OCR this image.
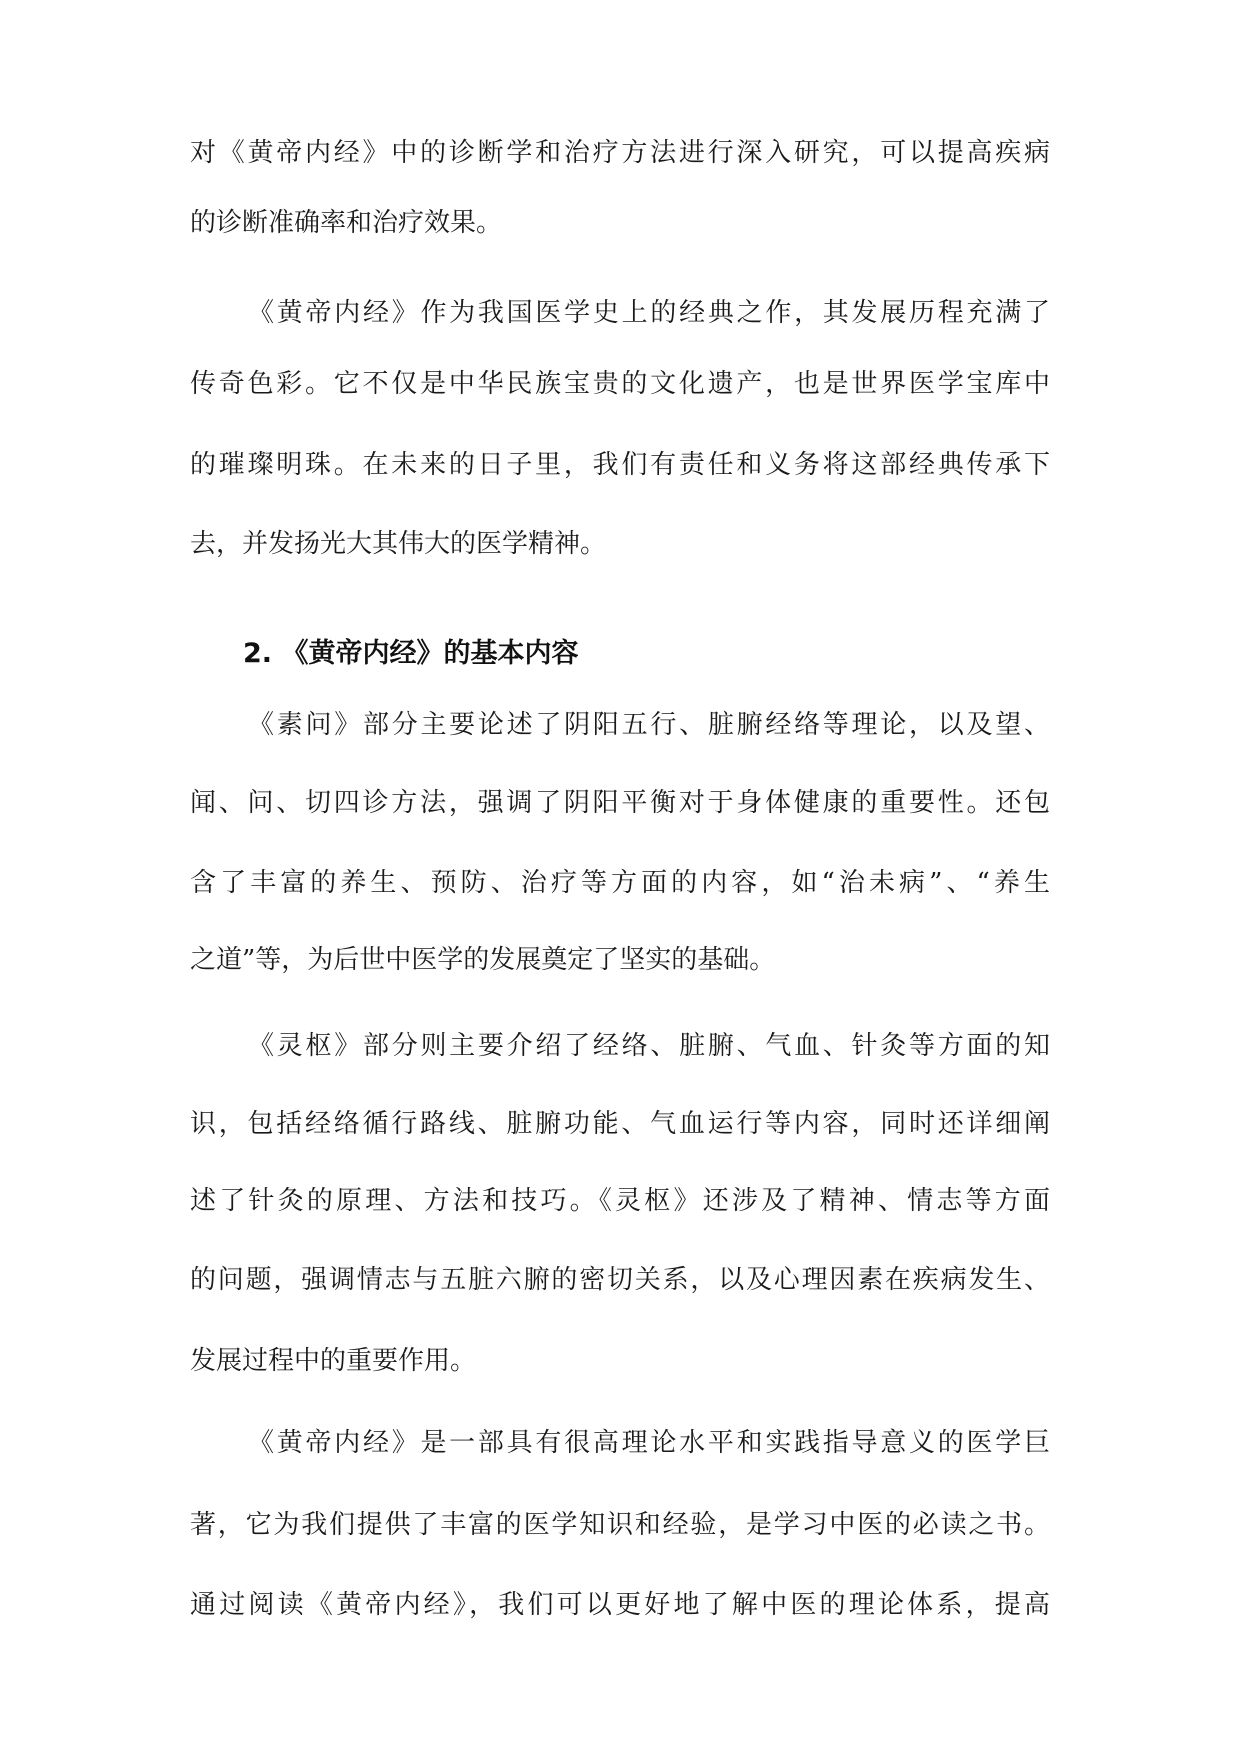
对《黄帝内经》中的诊断学和治疗方法进行深入研究，可以提高疾病
的诊断准确率和治疗效果。
《黄帝内经》作为我国医学史上的经典之作，其发展历程充满了
传奇色彩。它不仅是中华民族宝贵的文化遗产，也是世界医学宝库中
的璀璨明珠。在未来的日子里，我们有责任和义务将这部经典传承下
去，并发扬光大其伟大的医学精神。
2. 《黄帝内经》的基本内容
《素问》部分主要论述了阴阳五行、脏腑经络等理论，以及望、
闻、问、切四诊方法，强调了阴阳平衡对于身体健康的重要性。还包
含了丰富的养生、预防、治疗等方面的内容，如“治未病”、“养生
之道”等，为后世中医学的发展奠定了坚实的基础。
《灵枢》部分则主要介绍了经络、脏腑、气血、针灸等方面的知
识，包括经络循行路线、脏腑功能、气血运行等内容，同时还详细阐
述了针灸的原理、方法和技巧。《灵枢》还涉及了精神、情志等方面
的问题，强调情志与五脏六腑的密切关系，以及心理因素在疾病发生、
发展过程中的重要作用。
《黄帝内经》是一部具有很高理论水平和实践指导意义的医学巨
著，它为我们提供了丰富的医学知识和经验，是学习中医的必读之书。
通过阅读《黄帝内经》，我们可以更好地了解中医的理论体系，提高
